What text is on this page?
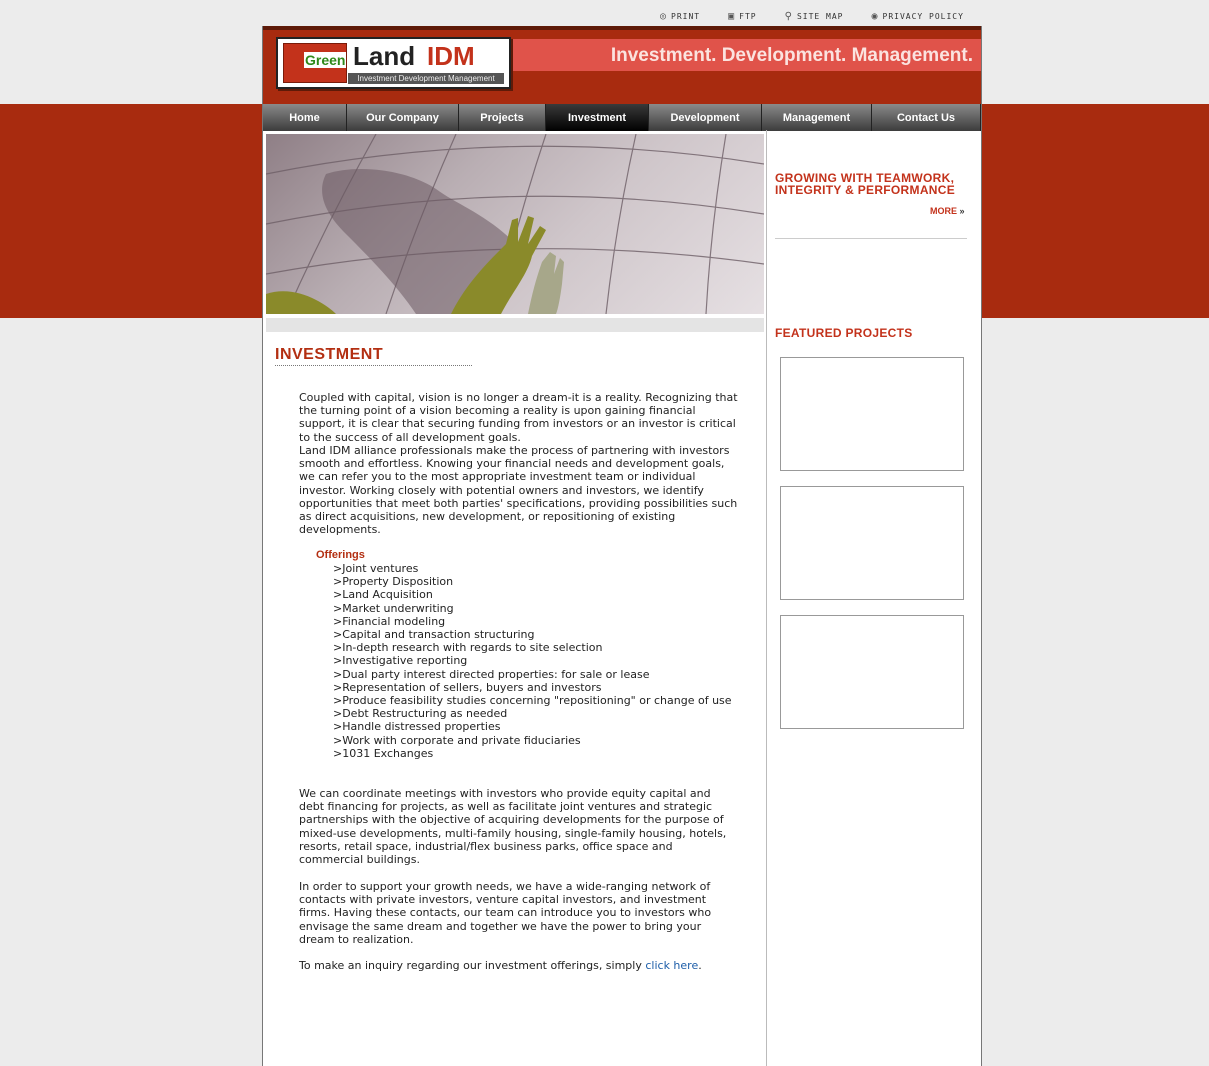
◎ PRINT	▣ FTP	⚲ SITE MAP	◉ PRIVACY POLICY
Investment. Development. Management.
Green Land IDM
Investment Development Management
Home	Our Company	Projects	Investment	Development	Management	Contact Us
INVESTMENT
Coupled with capital, vision is no longer a dream-it is a reality. Recognizing that the turning point of a vision becoming a reality is upon gaining financial support, it is clear that securing funding from investors or an investor is critical to the success of all development goals.
Land IDM alliance professionals make the process of partnering with investors smooth and effortless. Knowing your financial needs and development goals, we can refer you to the most appropriate investment team or individual investor. Working closely with potential owners and investors, we identify opportunities that meet both parties' specifications, providing possibilities such as direct acquisitions, new development, or repositioning of existing developments.
Offerings
>Joint ventures
>Property Disposition
>Land Acquisition
>Market underwriting
>Financial modeling
>Capital and transaction structuring
>In-depth research with regards to site selection
>Investigative reporting
>Dual party interest directed properties: for sale or lease
>Representation of sellers, buyers and investors
>Produce feasibility studies concerning "repositioning" or change of use
>Debt Restructuring as needed
>Handle distressed properties
>Work with corporate and private fiduciaries
>1031 Exchanges
We can coordinate meetings with investors who provide equity capital and debt financing for projects, as well as facilitate joint ventures and strategic partnerships with the objective of acquiring developments for the purpose of mixed-use developments, multi-family housing, single-family housing, hotels, resorts, retail space, industrial/flex business parks, office space and commercial buildings.
In order to support your growth needs, we have a wide-ranging network of contacts with private investors, venture capital investors, and investment firms. Having these contacts, our team can introduce you to investors who envisage the same dream and together we have the power to bring your dream to realization.
To make an inquiry regarding our investment offerings, simply click here.
GROWING WITH TEAMWORK,
INTEGRITY & PERFORMANCE
MORE »
FEATURED PROJECTS
